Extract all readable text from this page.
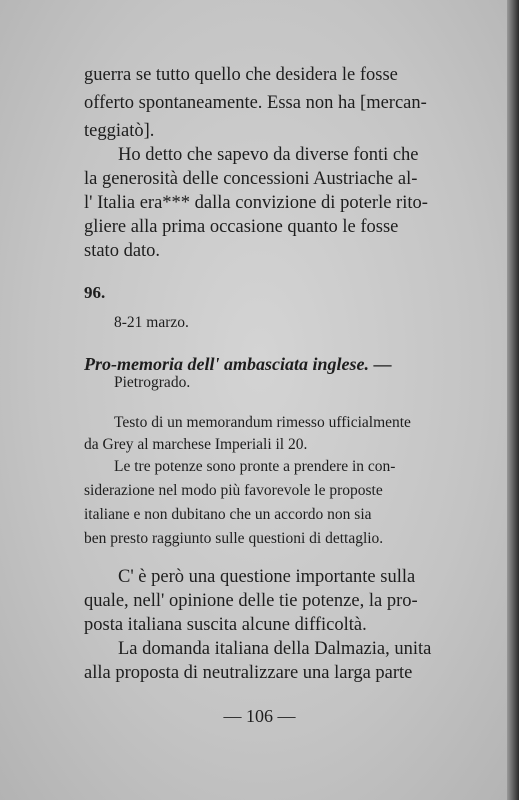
guerra se tutto quello che desidera le fosse
offerto spontaneamente. Essa non ha [mercan-
teggiatò].
Ho detto che sapevo da diverse fonti che
la generosità delle concessioni Austriache al-
l' Italia era*** dalla convizione di poterle rito-
gliere alla prima occasione quanto le fosse
stato dato.
96.
8-21 marzo.
Pro-memoria dell' ambasciata inglese. —
Pietrogrado.
Testo di un memorandum rimesso ufficialmente
da Grey al marchese Imperiali il 20.
Le tre potenze sono pronte a prendere in con-
siderazione nel modo più favorevole le proposte
italiane e non dubitano che un accordo non sia
ben presto raggiunto sulle questioni di dettaglio.
C' è però una questione importante sulla
quale, nell' opinione delle tie potenze, la pro-
posta italiana suscita alcune difficoltà.
La domanda italiana della Dalmazia, unita
alla proposta di neutralizzare una larga parte
— 106 —
